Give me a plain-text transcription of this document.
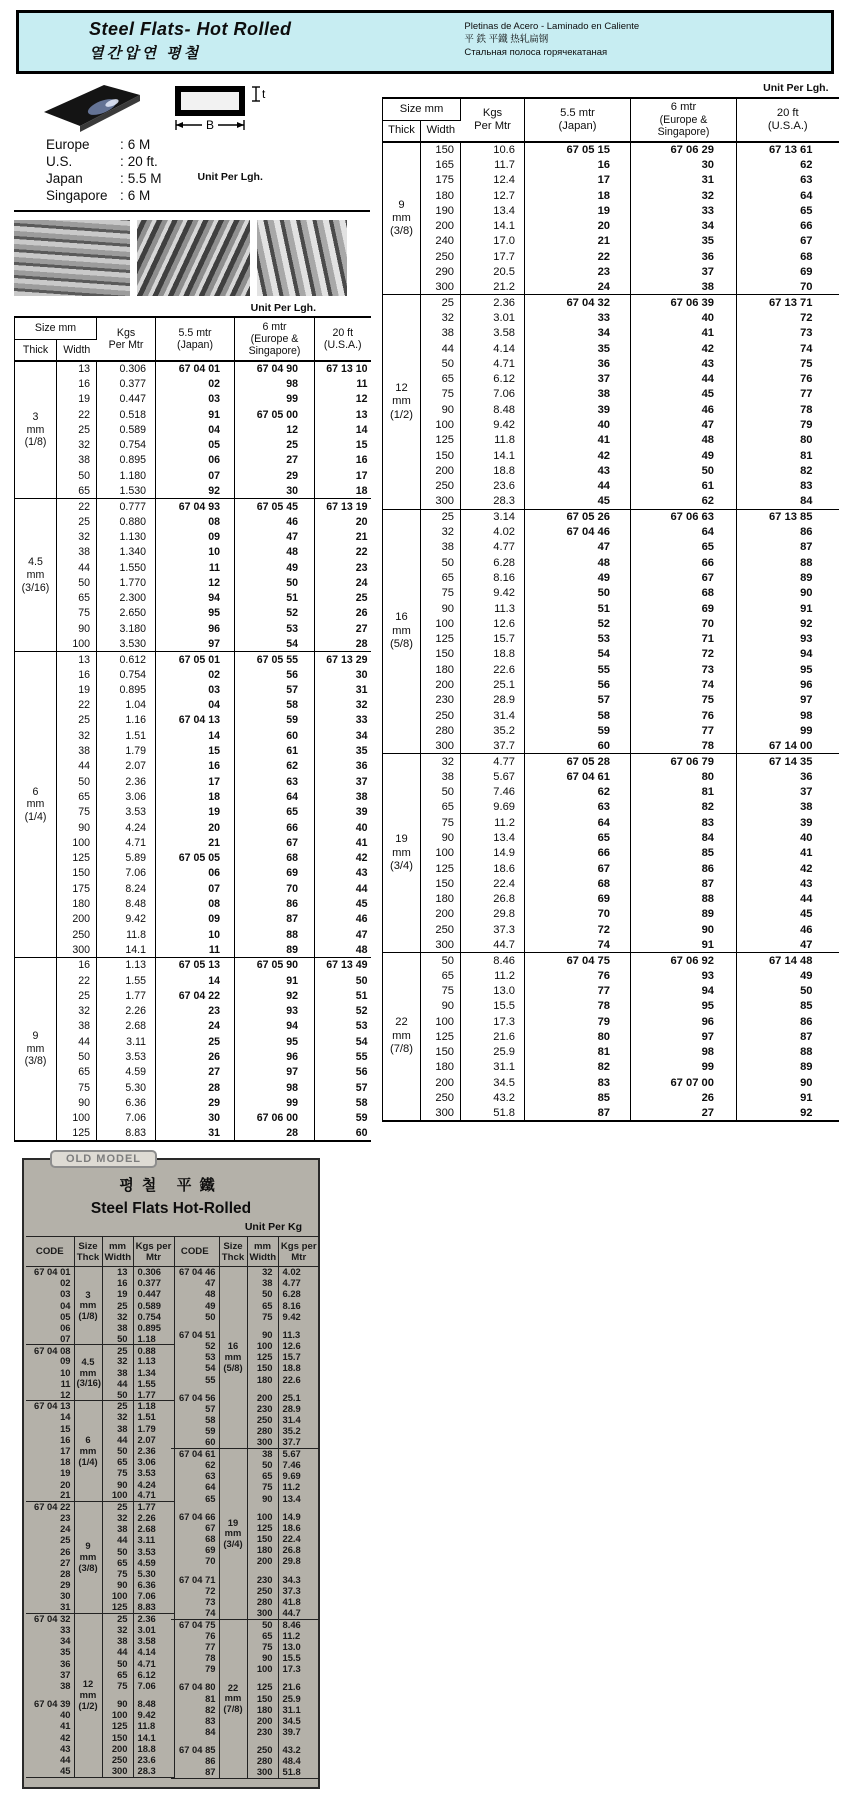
Steel Flats- Hot Rolled
열간압연 평철
Pletinas de Acero - Laminado en Caliente
平 鉄 平鐵 热轧扁钢
Стальная полоса горячекатаная
B
t
Europe	:	6 M
U.S.	:	20 ft.
Japan	:	5.5 M
Singapore	:	6 M
Unit Per Lgh.
Unit Per Lgh.
Size mm	Kgs
Per Mtr

5.5 mtr
(Japan)

6 mtr
(Europe &
Singapore)

20 ft
(U.S.A.)

Thick	Width				

3
mm
(1/8)	13	0.306	67 04 01	67 04 90	67 13 10
	16	0.377	02	98	11
	19	0.447	03	99	12
	22	0.518	91	67 05 00	13
	25	0.589	04	12	14
	32	0.754	05	25	15
	38	0.895	06	27	16
	50	1.180	07	29	17
	65	1.530	92	30	18

4.5
mm
(3/16)	22	0.777	67 04 93	67 05 45	67 13 19
	25	0.880	08	46	20
	32	1.130	09	47	21
	38	1.340	10	48	22
	44	1.550	11	49	23
	50	1.770	12	50	24
	65	2.300	94	51	25
	75	2.650	95	52	26
	90	3.180	96	53	27
	100	3.530	97	54	28

6
mm
(1/4)	13	0.612	67 05 01	67 05 55	67 13 29
	16	0.754	02	56	30
	19	0.895	03	57	31
	22	1.04	04	58	32
	25	1.16	67 04 13	59	33
	32	1.51	14	60	34
	38	1.79	15	61	35
	44	2.07	16	62	36
	50	2.36	17	63	37
	65	3.06	18	64	38
	75	3.53	19	65	39
	90	4.24	20	66	40
	100	4.71	21	67	41
	125	5.89	67 05 05	68	42
	150	7.06	06	69	43
	175	8.24	07	70	44
	180	8.48	08	86	45
	200	9.42	09	87	46
	250	11.8	10	88	47
	300	14.1	11	89	48

9
mm
(3/8)	16	1.13	67 05 13	67 05 90	67 13 49
	22	1.55	14	91	50
	25	1.77	67 04 22	92	51
	32	2.26	23	93	52
	38	2.68	24	94	53
	44	3.11	25	95	54
	50	3.53	26	96	55
	65	4.59	27	97	56
	75	5.30	28	98	57
	90	6.36	29	99	58
	100	7.06	30	67 06 00	59
	125	8.83	31	28	60
Unit Per Lgh.
Size mm	Kgs
Per Mtr

5.5 mtr
(Japan)

6 mtr
(Europe &
Singapore)

20 ft
(U.S.A.)

Thick	Width				

9
mm
(3/8)	150	10.6	67 05 15	67 06 29	67 13 61
	165	11.7	16	30	62
	175	12.4	17	31	63
	180	12.7	18	32	64
	190	13.4	19	33	65
	200	14.1	20	34	66
	240	17.0	21	35	67
	250	17.7	22	36	68
	290	20.5	23	37	69
	300	21.2	24	38	70

12
mm
(1/2)	25	2.36	67 04 32	67 06 39	67 13 71
	32	3.01	33	40	72
	38	3.58	34	41	73
	44	4.14	35	42	74
	50	4.71	36	43	75
	65	6.12	37	44	76
	75	7.06	38	45	77
	90	8.48	39	46	78
	100	9.42	40	47	79
	125	11.8	41	48	80
	150	14.1	42	49	81
	200	18.8	43	50	82
	250	23.6	44	61	83
	300	28.3	45	62	84

16
mm
(5/8)	25	3.14	67 05 26	67 06 63	67 13 85
	32	4.02	67 04 46	64	86
	38	4.77	47	65	87
	50	6.28	48	66	88
	65	8.16	49	67	89
	75	9.42	50	68	90
	90	11.3	51	69	91
	100	12.6	52	70	92
	125	15.7	53	71	93
	150	18.8	54	72	94
	180	22.6	55	73	95
	200	25.1	56	74	96
	230	28.9	57	75	97
	250	31.4	58	76	98
	280	35.2	59	77	99
	300	37.7	60	78	67 14 00

19
mm
(3/4)	32	4.77	67 05 28	67 06 79	67 14 35
	38	5.67	67 04 61	80	36
	50	7.46	62	81	37
	65	9.69	63	82	38
	75	11.2	64	83	39
	90	13.4	65	84	40
	100	14.9	66	85	41
	125	18.6	67	86	42
	150	22.4	68	87	43
	180	26.8	69	88	44
	200	29.8	70	89	45
	250	37.3	72	90	46
	300	44.7	74	91	47

22
mm
(7/8)	50	8.46	67 04 75	67 06 92	67 14 48
	65	11.2	76	93	49
	75	13.0	77	94	50
	90	15.5	78	95	85
	100	17.3	79	96	86
	125	21.6	80	97	87
	150	25.9	81	98	88
	180	31.1	82	99	89
	200	34.5	83	67 07 00	90
	250	43.2	85	26	91
	300	51.8	87	27	92
OLD MODEL
평철 平鐵
Steel Flats Hot-Rolled
Unit Per Kg
CODE	
Size
Thck

mm
Width

Kgs per
Mtr

67 04 01	3
mm
(1/8)	13	0.306
02		16	0.377
03		19	0.447
04		25	0.589
05		32	0.754
06		38	0.895
07		50	1.18
67 04 08	4.5
mm
(3/16)	25	0.88
09		32	1.13
10		38	1.34
11		44	1.55
12		50	1.77
67 04 13	6
mm
(1/4)	25	1.18
14		32	1.51
15		38	1.79
16		44	2.07
17		50	2.36
18		65	3.06
19		75	3.53
20		90	4.24
21		100	4.71
67 04 22	9
mm
(3/8)	25	1.77
23		32	2.26
24		38	2.68
25		44	3.11
26		50	3.53
27		65	4.59
28		75	5.30
29		90	6.36
30		100	7.06
31		125	8.83
67 04 32	12
mm
(1/2)	25	2.36
33		32	3.01
34		38	3.58
35		44	4.14
36		50	4.71
37		65	6.12
38		75	7.06

67 04 39		90	8.48
40		100	9.42
41		125	11.8
42		150	14.1
43		200	18.8
44		250	23.6
45		300	28.3
CODE	
Size
Thck

mm
Width

Kgs per
Mtr

67 04 46	16
mm
(5/8)	32	4.02
47		38	4.77
48		50	6.28
49		65	8.16
50		75	9.42

67 04 51		90	11.3
52		100	12.6
53		125	15.7
54		150	18.8
55		180	22.6

67 04 56		200	25.1
57		230	28.9
58		250	31.4
59		280	35.2
60		300	37.7
67 04 61	19
mm
(3/4)	38	5.67
62		50	7.46
63		65	9.69
64		75	11.2
65		90	13.4

67 04 66		100	14.9
67		125	18.6
68		150	22.4
69		180	26.8
70		200	29.8

67 04 71		230	34.3
72		250	37.3
73		280	41.8
74		300	44.7
67 04 75	22
mm
(7/8)	50	8.46
76		65	11.2
77		75	13.0
78		90	15.5
79		100	17.3

67 04 80		125	21.6
81		150	25.9
82		180	31.1
83		200	34.5
84		230	39.7

67 04 85		250	43.2
86		280	48.4
87		300	51.8
